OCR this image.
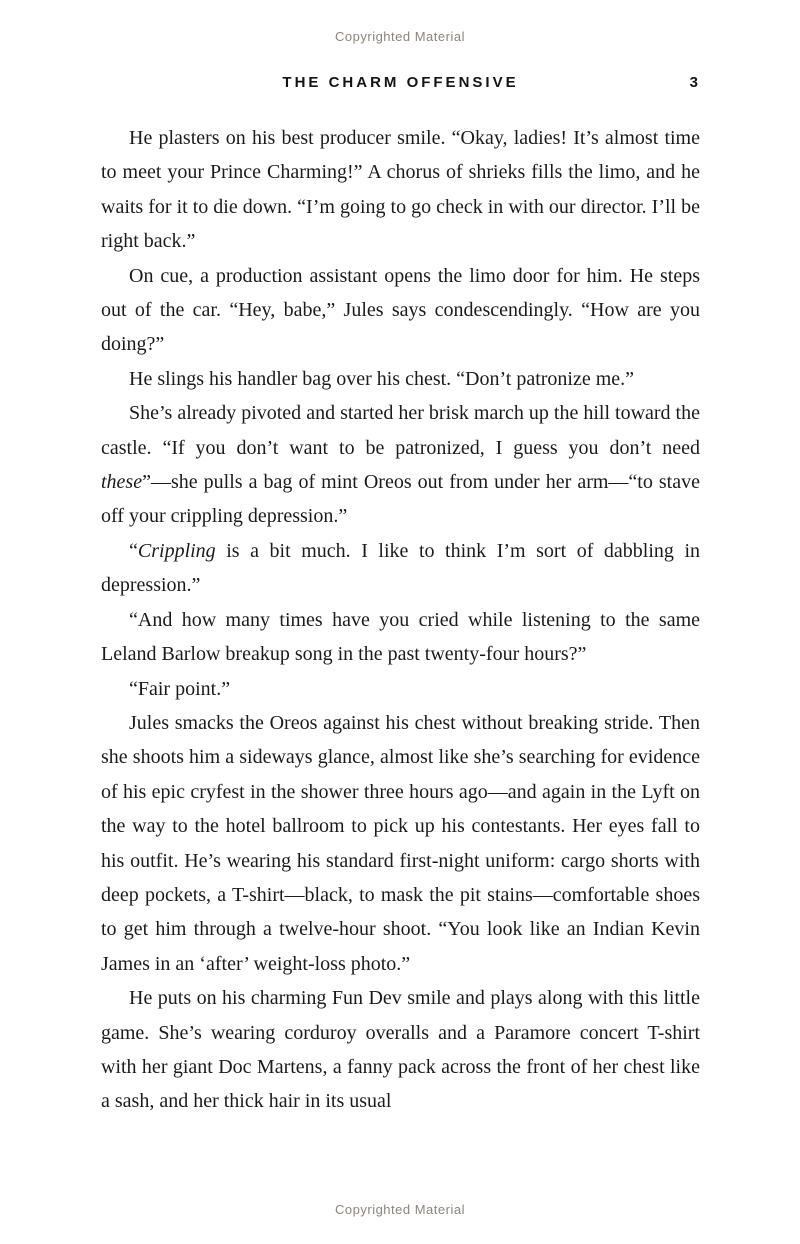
Copyrighted Material
THE CHARM OFFENSIVE	3

He plasters on his best producer smile. “Okay, ladies! It’s almost time to meet your Prince Charming!” A chorus of shrieks fills the limo, and he waits for it to die down. “I’m going to go check in with our director. I’ll be right back.”

On cue, a production assistant opens the limo door for him. He steps out of the car. “Hey, babe,” Jules says condescendingly. “How are you doing?”

He slings his handler bag over his chest. “Don’t patronize me.”

She’s already pivoted and started her brisk march up the hill toward the castle. “If you don’t want to be patronized, I guess you don’t need these”—she pulls a bag of mint Oreos out from under her arm—“to stave off your crippling depression.”

“Crippling is a bit much. I like to think I’m sort of dabbling in depression.”

“And how many times have you cried while listening to the same Leland Barlow breakup song in the past twenty-four hours?”

“Fair point.”

Jules smacks the Oreos against his chest without breaking stride. Then she shoots him a sideways glance, almost like she’s searching for evidence of his epic cryfest in the shower three hours ago—and again in the Lyft on the way to the hotel ballroom to pick up his contestants. Her eyes fall to his outfit. He’s wearing his standard first-night uniform: cargo shorts with deep pockets, a T-shirt—black, to mask the pit stains—comfortable shoes to get him through a twelve-hour shoot. “You look like an Indian Kevin James in an ‘after’ weight-loss photo.”

He puts on his charming Fun Dev smile and plays along with this little game. She’s wearing corduroy overalls and a Paramore concert T-shirt with her giant Doc Martens, a fanny pack across the front of her chest like a sash, and her thick hair in its usual

Copyrighted Material
